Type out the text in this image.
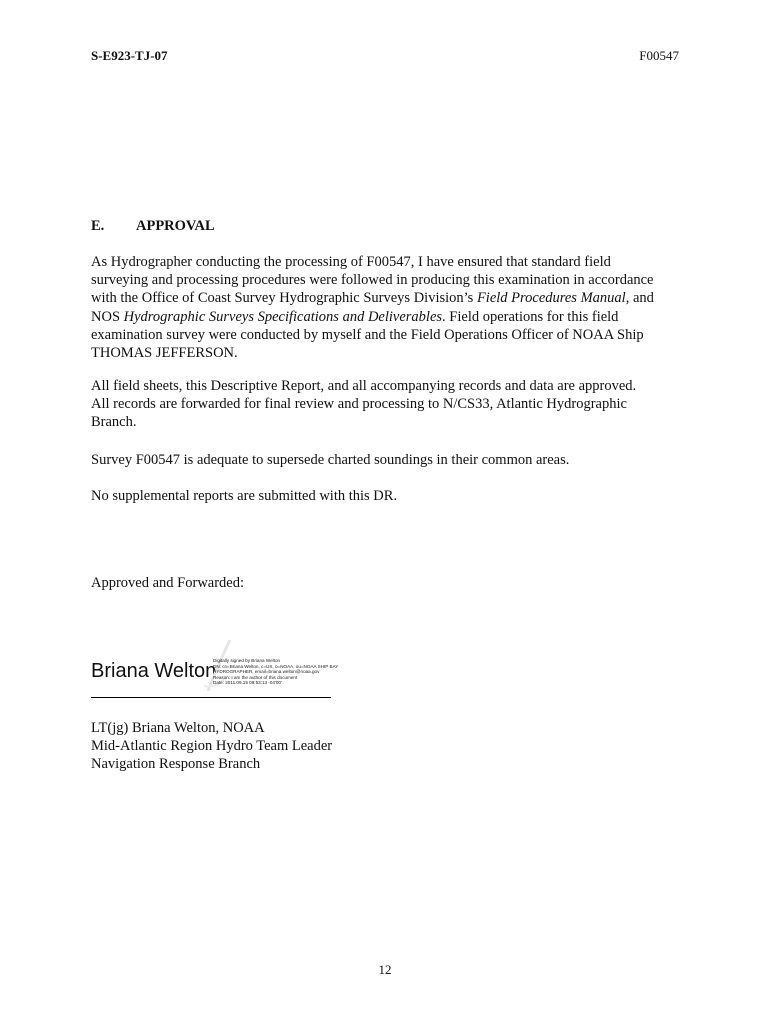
S-E923-TJ-07	F00547
E. APPROVAL
As Hydrographer conducting the processing of F00547, I have ensured that standard field
surveying and processing procedures were followed in producing this examination in accordance
with the Office of Coast Survey Hydrographic Surveys Division’s Field Procedures Manual, and
NOS Hydrographic Surveys Specifications and Deliverables. Field operations for this field
examination survey were conducted by myself and the Field Operations Officer of NOAA Ship
THOMAS JEFFERSON.
All field sheets, this Descriptive Report, and all accompanying records and data are approved.
All records are forwarded for final review and processing to N/CS33, Atlantic Hydrographic
Branch.
Survey F00547 is adequate to supersede charted soundings in their common areas.
No supplemental reports are submitted with this DR.
Approved and Forwarded:
Briana Welton
Digitally signed by Briana Welton
DN: cn=Briana Welton, c=US, o=NOAA, ou=NOAA SHIP BAY
HYDROGRAPHER, email=briana.welton@noaa.gov
Reason: I am the author of this document
Date: 2011.09.15 09:53:13 -04'00'
LT(jg) Briana Welton, NOAA
Mid-Atlantic Region Hydro Team Leader
Navigation Response Branch
12
